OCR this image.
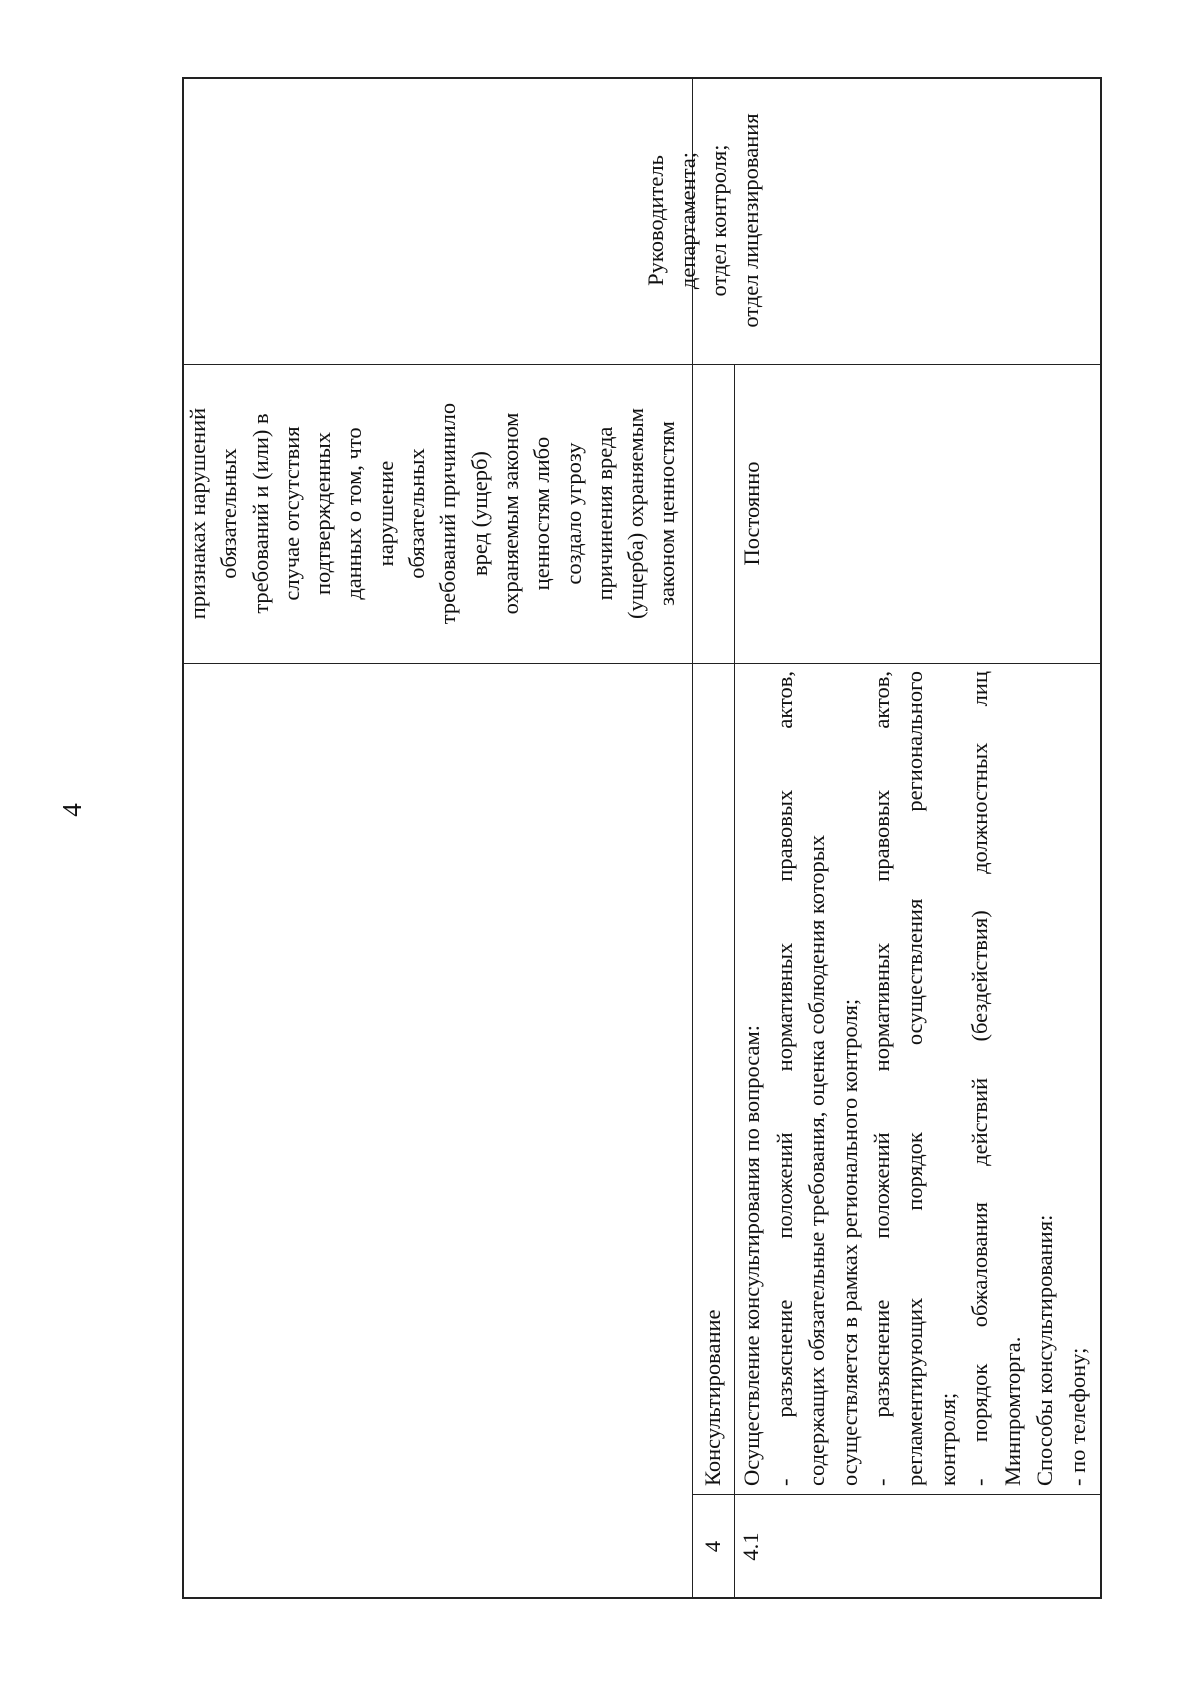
4
признаках нарушений обязательных требований и (или) в случае отсутствия подтвержденных данных о том, что нарушение обязательных требований причинило вред (ущерб) охраняемым законом ценностям либо создало угрозу причинения вреда (ущерба) охраняемым законом ценностям
4
Консультирование
4.1
Осуществление консультирования по вопросам: - разъяснение положений нормативных правовых актов, содержащих обязательные требования, оценка соблюдения которых осуществляется в рамках регионального контроля; - разъяснение положений нормативных правовых актов, регламентирующих порядок осуществления регионального контроля; - порядок обжалования действий (бездействия) должностных лиц Минпромторга. Способы консультирования: - по телефону;
Постоянно
Руководитель департамента; отдел контроля; отдел лицензирования
